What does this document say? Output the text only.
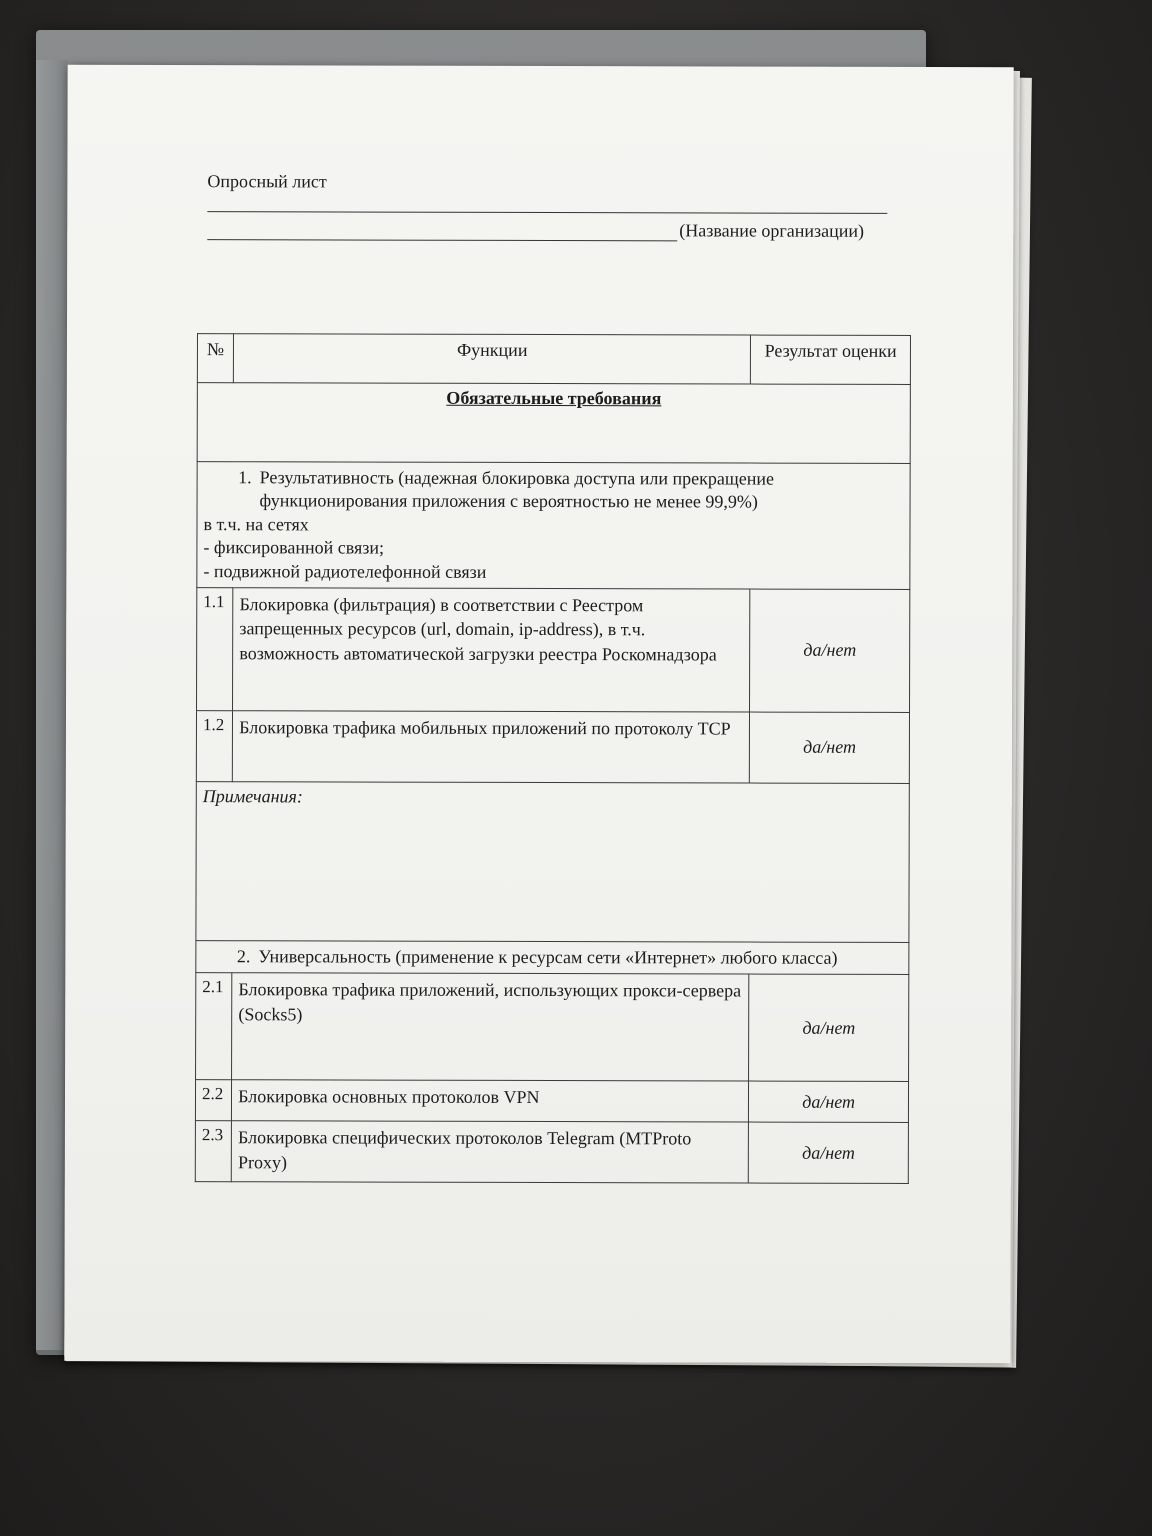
Опросный лист
(Название организации)
№	Функции	Результат оценки
Обязательные требования		

1. Результативность (надежная блокировка доступа или прекращение функционирования приложения с вероятностью не менее 99,9%)
в т.ч. на сетях
- фиксированной связи;
- подвижной радиотелефонной связи		

1.1	Блокировка (фильтрация) в соответствии с Реестром запрещенных ресурсов (url, domain, ip-address), в т.ч. возможность автоматической загрузки реестра Роскомнадзора	да/нет
1.2	Блокировка трафика мобильных приложений по протоколу TCP	да/нет
Примечания:		

2. Универсальность (применение к ресурсам сети «Интернет» любого класса)		

2.1	Блокировка трафика приложений, использующих прокси-сервера (Socks5)	да/нет
2.2	Блокировка основных протоколов VPN	да/нет
2.3	Блокировка специфических протоколов Telegram (MTProto Proxy)	да/нет
